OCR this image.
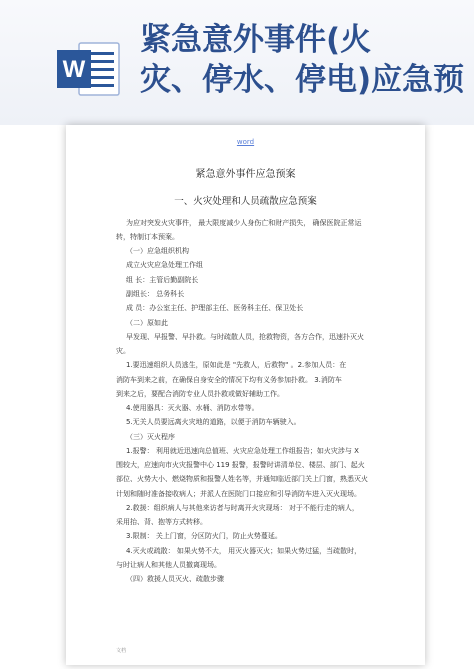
W
紧急意外事件(火
灾、停水、停电)应急预
word
紧急意外事件应急预案
一、火灾处理和人员疏散应急预案
为应对突发火灾事件， 最大限度减少人身伤亡和财产损失， 确保医院正常运
转，特制订本预案。
（一）应急组织机构
成立火灾应急处理工作组
组 长：主管后勤副院长
副组长： 总务科长
成 员：办公室主任、护理部主任、医务科主任、保卫处长
（二）原如此
早发现、早报警、早扑救。与时疏散人员，抢救物资，各方合作，迅速扑灭火
灾。
1.要迅速组织人员逃生，原如此是 "先救人，后救物" 。2.参加人员：在
消防车到来之前，在确保自身安全的情况下均有义务参加扑救。 3.消防车
到来之后，要配合消防专业人员扑救或做好辅助工作。
4.使用器具：灭火器、水桶、消防水带等。
5.无关人员要远离火灾地的道路，以便于消防车辆驶入。
（三）灭火程序
1.报警： 利用就近迅速向总值班、火灾应急处理工作组报告；如火灾涉与 X
围较大，应速向市火灾报警中心 119 报警，报警时讲清单位、楼层、部门、起火
部位、火势大小、燃烧物质和报警人姓名等，并通知临近部门关上门窗，熟悉灭火
计划和随时准备接收病人；并派人在医院门口接应和引导消防车进入灭火现场。
2.救援：组织病人与其他来访者与时离开火灾现场： 对于不能行走的病人，
采用抬、背、抱等方式转移。
3.限制： 关上门窗，分区防火门，防止火势蔓延。
4.灭火或疏散： 如果火势不大， 用灭火器灭火；如果火势过猛，当疏散时，
与时让病人和其他人员撤离现场。
（四）救援人员灭火、疏散步骤
文档
